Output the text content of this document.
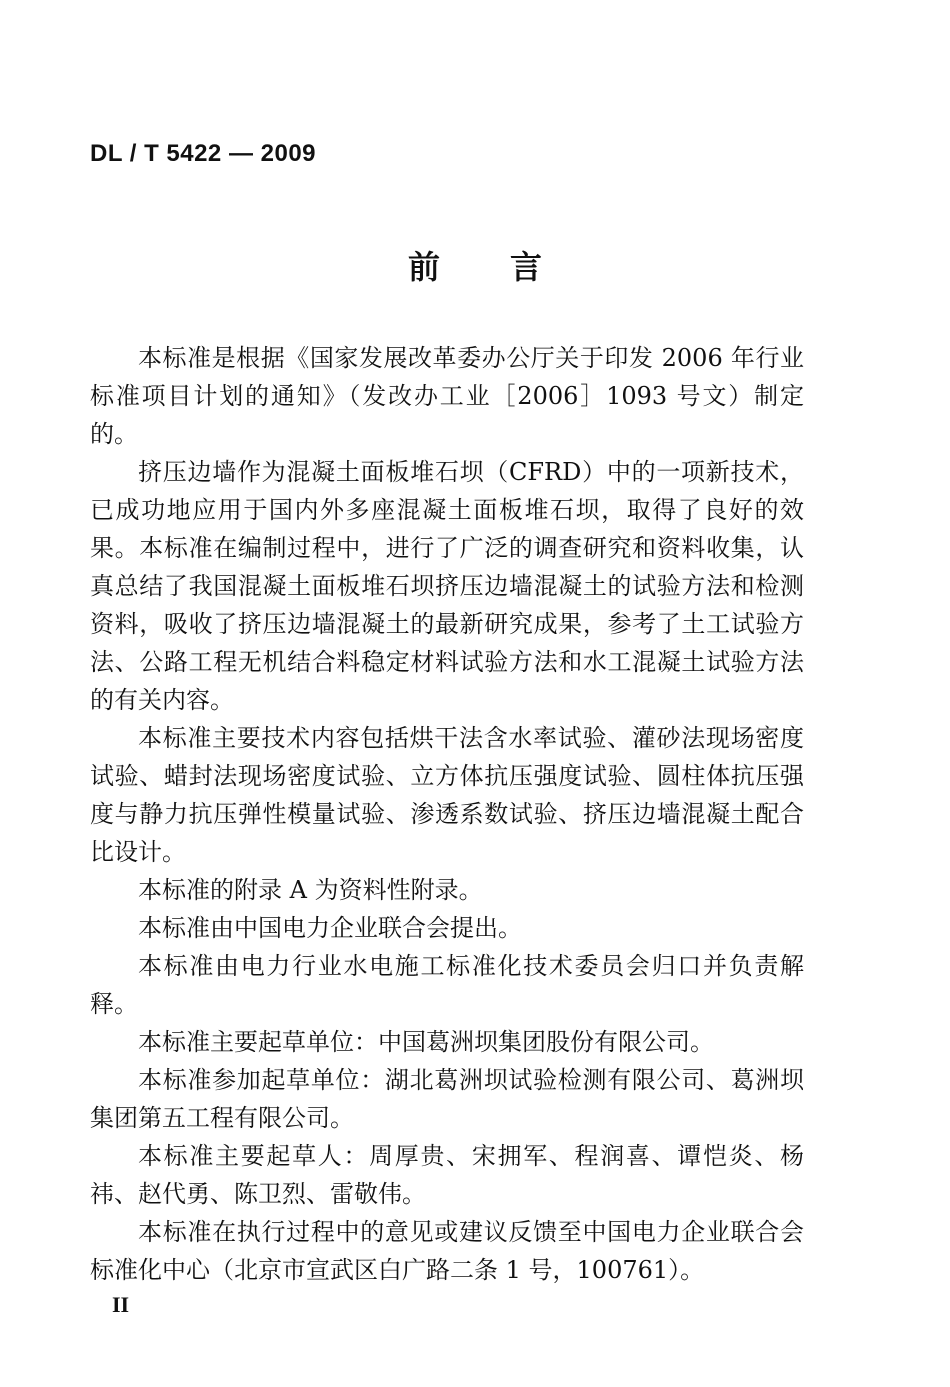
DL / T 5422 — 2009
前言

本标准是根据《国家发展改革委办公厅关于印发 2006 年行业标准项目计划的通知》（发改办工业［2006］1093 号文）制定的。

挤压边墙作为混凝土面板堆石坝（CFRD）中的一项新技术，已成功地应用于国内外多座混凝土面板堆石坝，取得了良好的效果。本标准在编制过程中，进行了广泛的调查研究和资料收集，认真总结了我国混凝土面板堆石坝挤压边墙混凝土的试验方法和检测资料，吸收了挤压边墙混凝土的最新研究成果，参考了土工试验方法、公路工程无机结合料稳定材料试验方法和水工混凝土试验方法的有关内容。

本标准主要技术内容包括烘干法含水率试验、灌砂法现场密度试验、蜡封法现场密度试验、立方体抗压强度试验、圆柱体抗压强度与静力抗压弹性模量试验、渗透系数试验、挤压边墙混凝土配合比设计。

本标准的附录 A 为资料性附录。

本标准由中国电力企业联合会提出。

本标准由电力行业水电施工标准化技术委员会归口并负责解释。

本标准主要起草单位：中国葛洲坝集团股份有限公司。

本标准参加起草单位：湖北葛洲坝试验检测有限公司、葛洲坝集团第五工程有限公司。

本标准主要起草人：周厚贵、宋拥军、程润喜、谭恺炎、杨祎、赵代勇、陈卫烈、雷敬伟。

本标准在执行过程中的意见或建议反馈至中国电力企业联合会标准化中心（北京市宣武区白广路二条 1 号，100761）。

II
